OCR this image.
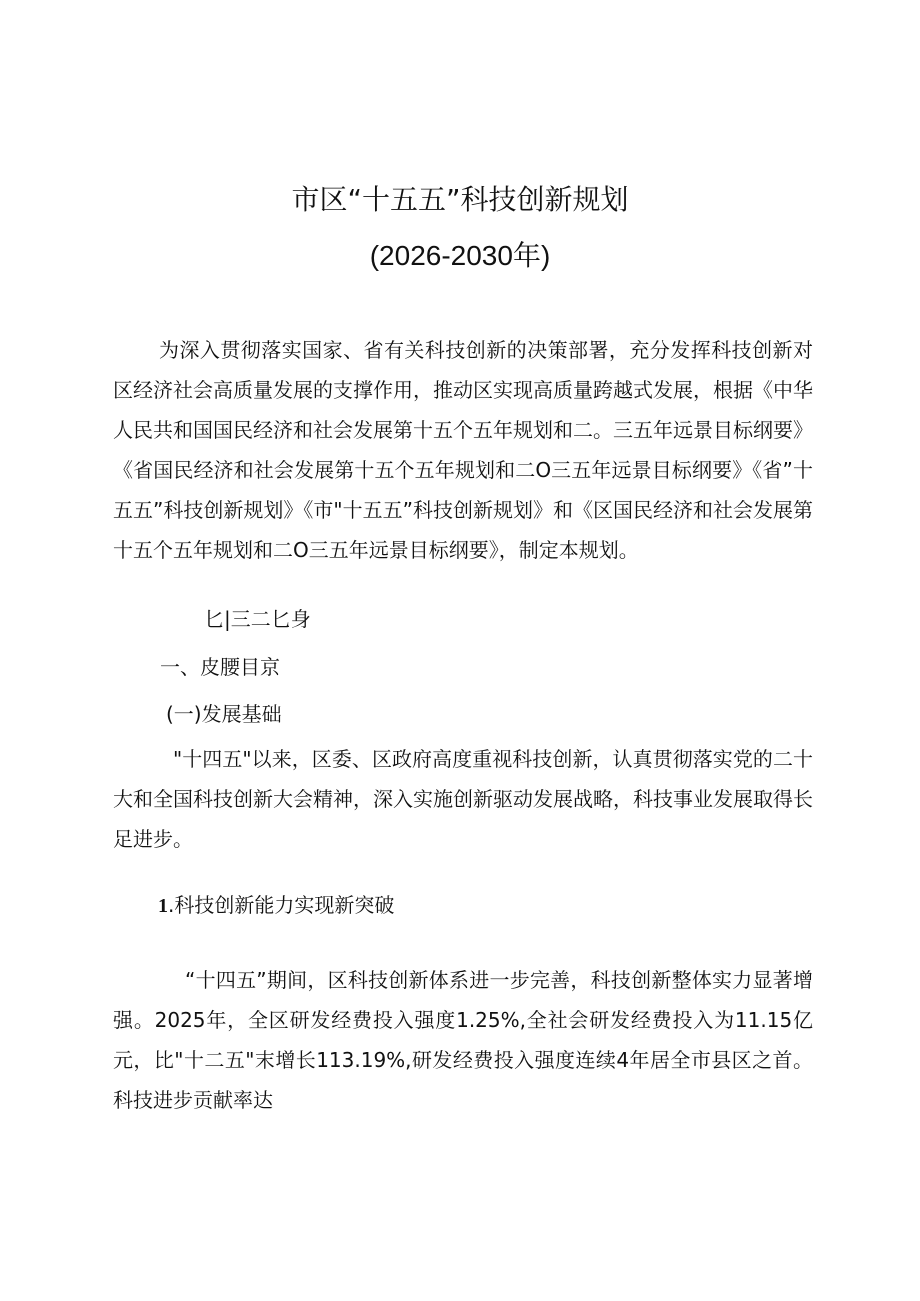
市区“十五五”科技创新规划
(2026-2030年)

为深入贯彻落实国家、省有关科技创新的决策部署，充分发挥科技创新对区经济社会高质量发展的支撑作用，推动区实现高质量跨越式发展，根据《中华人民共和国国民经济和社会发展第十五个五年规划和二。三五年远景目标纲要》《省国民经济和社会发展第十五个五年规划和二O三五年远景目标纲要》《省”十五五”科技创新规划》《市"十五五”科技创新规划》和《区国民经济和社会发展第十五个五年规划和二O三五年远景目标纲要》，制定本规划。

匕|三二匕身

一、皮腰目京

(一)发展基础

"十四五"以来，区委、区政府高度重视科技创新，认真贯彻落实党的二十大和全国科技创新大会精神，深入实施创新驱动发展战略，科技事业发展取得长足进步。

1.科技创新能力实现新突破

“十四五”期间，区科技创新体系进一步完善，科技创新整体实力显著增强。2025年，全区研发经费投入强度1.25%,全社会研发经费投入为11.15亿元，比"十二五"末增长113.19%,研发经费投入强度连续4年居全市县区之首。科技进步贡献率达
